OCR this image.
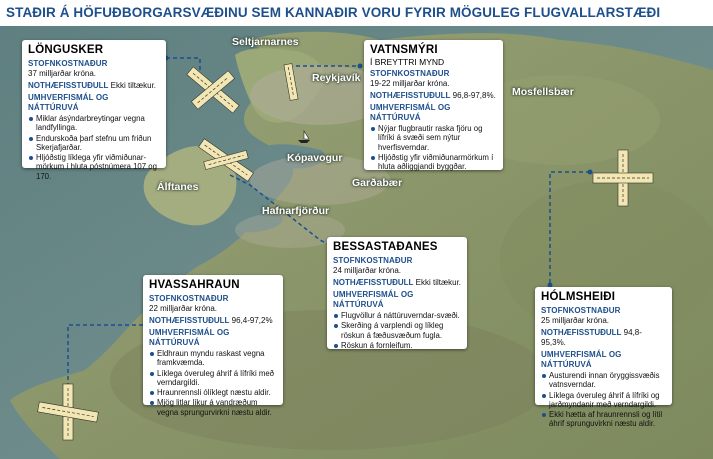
STAÐIR Á HÖFUÐBORGARSVÆÐINU SEM KANNAÐIR VORU FYRIR MÖGULEG FLUGVALLARSTÆÐI
Seltjarnarnes
Reykjavík
Kópavogur
Garðabær
Álftanes
Hafnarfjörður
Mosfellsbær
LÖNGUSKER
STOFNKOSTNAÐUR
37 milljarðar króna.
NOTHÆFISSTUÐULL Ekki tiltækur.
UMHVERFISMÁL OG NÁTTÚRUVÁ
Miklar ásýndarbreytingar vegna landfyllinga.
Endurskoða þarf stefnu um friðun Skerjafjarðar.
Hljóðstig líklega yfir viðmiðunar-mörkum í hluta póstnúmera 107 og 170.
VATNSMÝRI
Í BREYTTRI MYND
STOFNKOSTNAÐUR
19-22 milljarðar króna.
NOTHÆFISSTUÐULL 96,8-97,8%.
UMHVERFISMÁL OG NÁTTÚRUVÁ
Nýjar flugbrautir raska fjöru og lífríki á svæði sem nýtur hverfisverndar.
Hljóðstig yfir viðmiðunarmörkum í hluta aðliggjandi byggðar.
BESSASTAÐANES
STOFNKOSTNAÐUR
24 milljarðar króna.
NOTHÆFISSTUÐULL Ekki tiltækur.
UMHVERFISMÁL OG NÁTTÚRUVÁ
Flugvöllur á náttúruverndar-svæði.
Skerðing á varplendi og líkleg röskun á fæðusvæðum fugla.
Röskun á fornleifum.
HVASSAHRAUN
STOFNKOSTNAÐUR
22 milljarðar króna.
NOTHÆFISSTUÐULL 96,4-97,2%
UMHVERFISMÁL OG NÁTTÚRUVÁ
Eldhraun myndu raskast vegna framkvæmda.
Líklega óveruleg áhrif á lífríki með verndargildi.
Hraunrennsli ólíklegt næstu aldir.
Mjög litlar líkur á vandræðum vegna sprungurvirkni næstu aldir.
HÓLMSHEIÐI
STOFNKOSTNAÐUR
25 milljarðar króna.
NOTHÆFISSTUÐULL 94,8-95,3%.
UMHVERFISMÁL OG NÁTTÚRUVÁ
Austurendi innan öryggissvæðis vatnsverndar.
Líklega óveruleg áhrif á lífríki og jarðmyndanir með verndargildi.
Ekki hætta af hraunrennsli og lítil áhrif sprunguvirkni næstu aldir.
